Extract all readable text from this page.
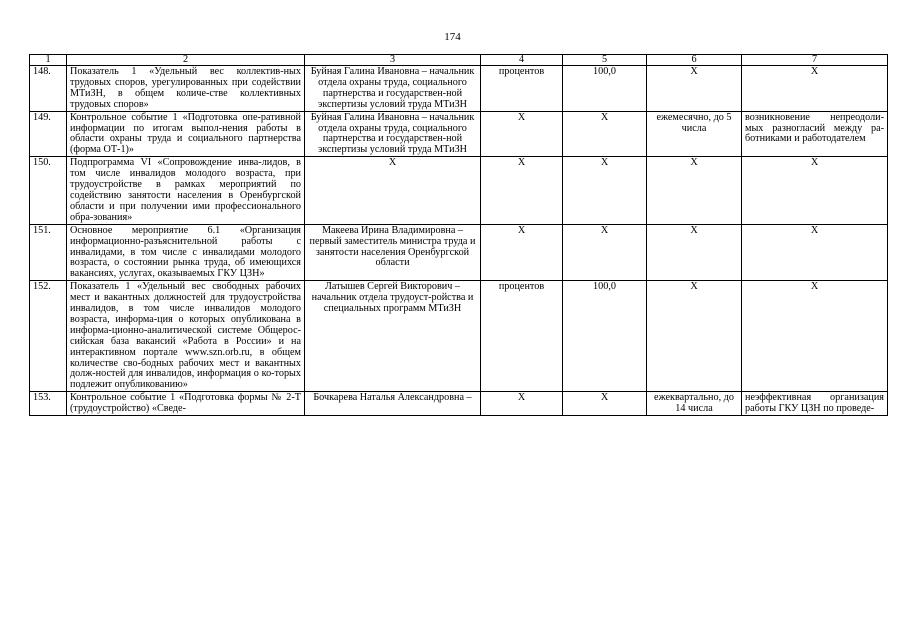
174
1	2	3	4	5	6	7
148.	Показатель 1 «Удельный вес коллектив-ных трудовых споров, урегулированных при содействии МТиЗН, в общем количе-стве коллективных трудовых споров»	Буйная Галина Ивановна – начальник отдела охраны труда, социального партнерства и государствен-ной экспертизы условий труда МТиЗН	процентов	100,0	X	X
149.	Контрольное событие 1 «Подготовка опе-ративной информации по итогам выпол-нения работы в области охраны труда и социального партнерства (форма ОТ-1)»	Буйная Галина Ивановна – начальник отдела охраны труда, социального партнерства и государствен-ной экспертизы условий труда МТиЗН	X	X	ежемесячно, до 5 числа	возникновение непреодоли-мых разногласий между ра-ботниками и работодателем
150.	Подпрограмма VI «Сопровождение инва-лидов, в том числе инвалидов молодого возраста, при трудоустройстве в рамках мероприятий по содействию занятости населения в Оренбургской области и при получении ими профессионального обра-зования»	X	X	X	X	X
151.	Основное мероприятие 6.1 «Организация информационно-разъяснительной работы с инвалидами, в том числе с инвалидами молодого возраста, о состоянии рынка труда, об имеющихся вакансиях, услугах, оказываемых ГКУ ЦЗН»	Макеева Ирина Владимировна – первый заместитель министра труда и занятости населения Оренбургской области	X	X	X	X
152.	Показатель 1 «Удельный вес свободных рабочих мест и вакантных должностей для трудоустройства инвалидов, в том числе инвалидов молодого возраста, информа-ция о которых опубликована в информа-ционно-аналитической системе Общерос-сийская база вакансий «Работа в России» и на интерактивном портале www.szn.orb.ru, в общем количестве сво-бодных рабочих мест и вакантных долж-ностей для инвалидов, информация о ко-торых подлежит опубликованию»	Латышев Сергей Викторович – начальник отдела трудоуст-ройства и специальных программ МТиЗН	процентов	100,0	X	X
153.	Контрольное событие 1 «Подготовка формы № 2-Т (трудоустройство) «Сведе-	Бочкарева Наталья Александровна –	X	X	ежеквартально, до 14 числа	неэффективная организация работы ГКУ ЦЗН по проведе-
